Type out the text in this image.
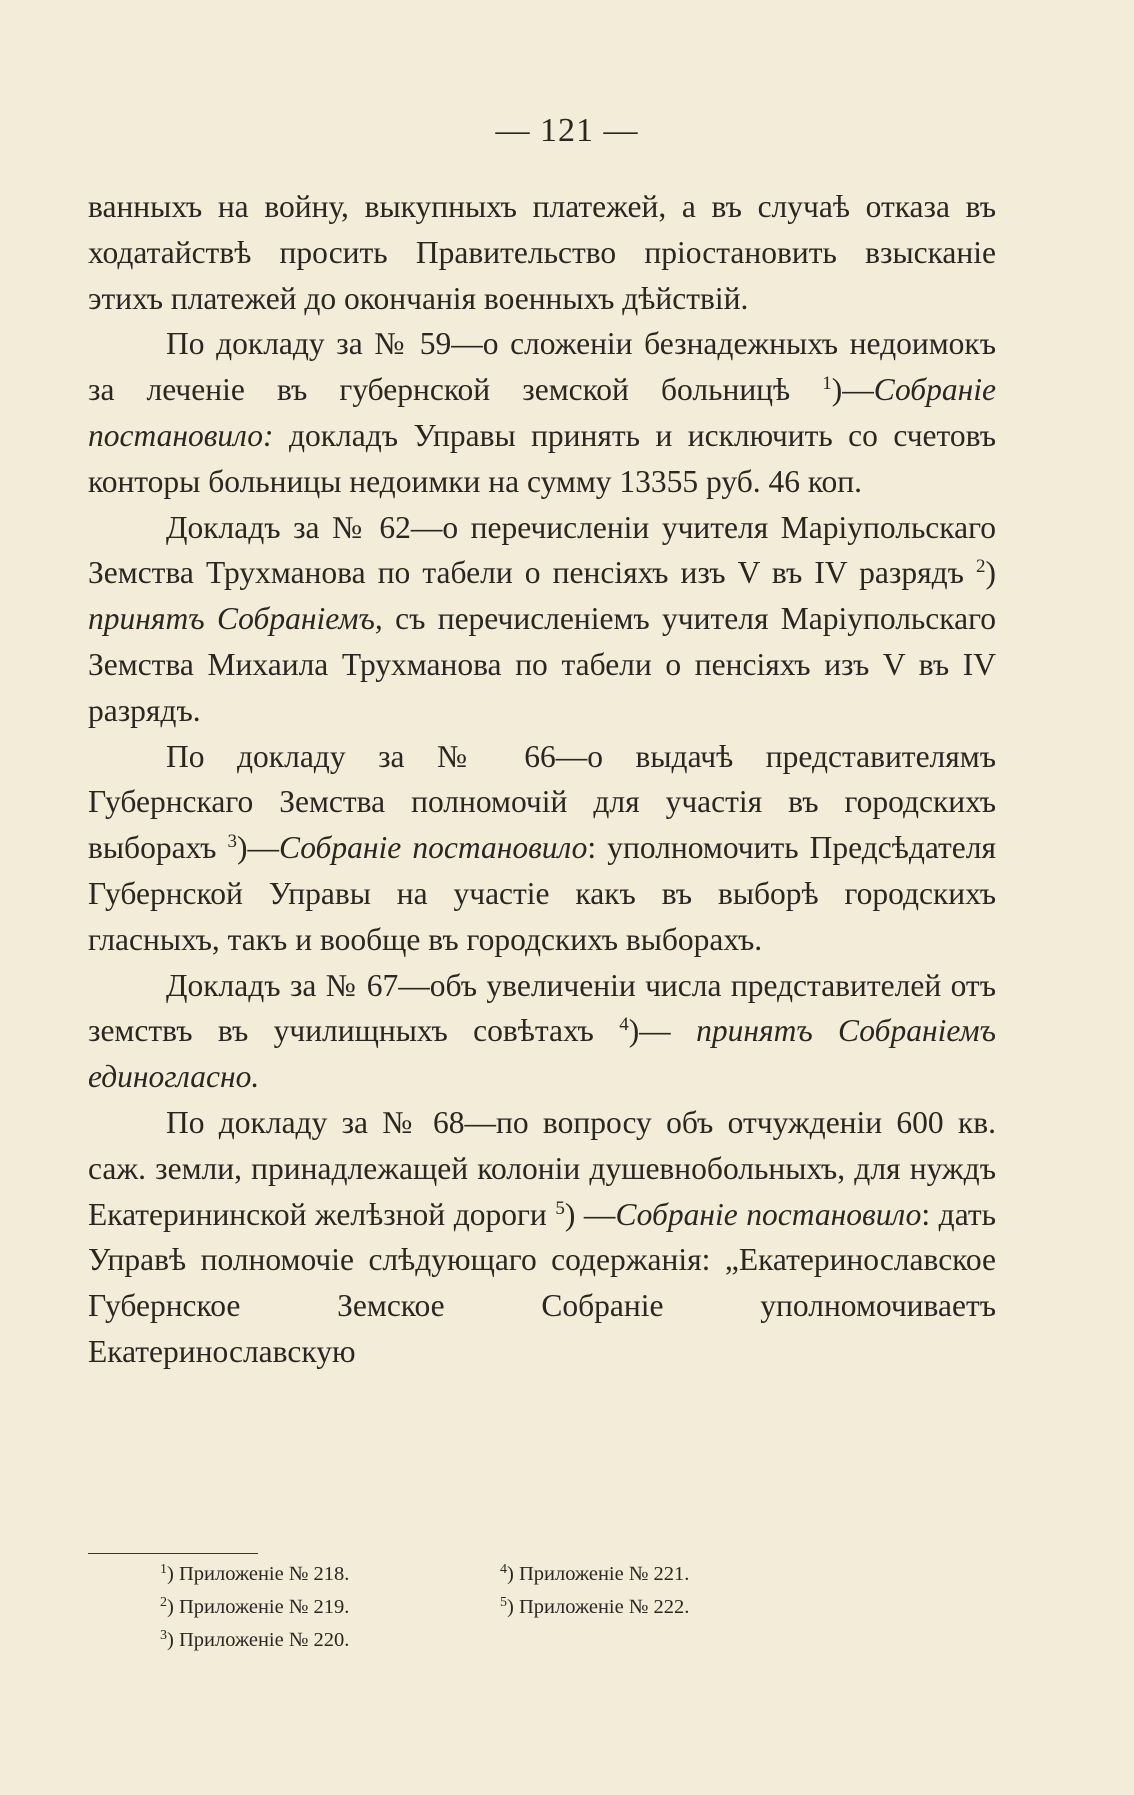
— 121 —

ванныхъ на войну, выкупныхъ платежей, а въ случаѣ отказа въ ходатайствѣ просить Правительство пріостановить взысканіе этихъ платежей до окончанія военныхъ дѣйствій.

По докладу за № 59—о сложеніи безнадежныхъ недоимокъ за леченіе въ губернской земской больницѣ $^1$)—Собраніе постановило: докладъ Управы принять и исключить со счетовъ конторы больницы недоимки на сумму 13355 руб. 46 коп.

Докладъ за № 62—о перечисленіи учителя Маріупольскаго Земства Трухманова по табели о пенсіяхъ изъ V въ IV разрядъ $^2$) принятъ Собраніемъ, съ перечисленіемъ учителя Маріупольскаго Земства Михаила Трухманова по табели о пенсіяхъ изъ V въ IV разрядъ.

По докладу за № 66—о выдачѣ представителямъ Губернскаго Земства полномочій для участія въ городскихъ выборахъ $^3$)—Собраніе постановило: уполномочить Предсѣдателя Губернской Управы на участіе какъ въ выборѣ городскихъ гласныхъ, такъ и вообще въ городскихъ выборахъ.

Докладъ за № 67—объ увеличеніи числа представителей отъ земствъ въ училищныхъ совѣтахъ $^4$)— принятъ Собраніемъ единогласно.

По докладу за № 68—по вопросу объ отчужденіи 600 кв. саж. земли, принадлежащей колоніи душевнобольныхъ, для нуждъ Екатерининской желѣзной дороги $^5$) —Собраніе постановило: дать Управѣ полномочіе слѣдующаго содержанія: „Екатеринославское Губернское Земское Собраніе уполномочиваетъ Екатеринославскую

$^1$) Приложеніе № 218.
$^2$) Приложеніе № 219.
$^3$) Приложеніе № 220.
$^4$) Приложеніе № 221.
$^5$) Приложеніе № 222.
